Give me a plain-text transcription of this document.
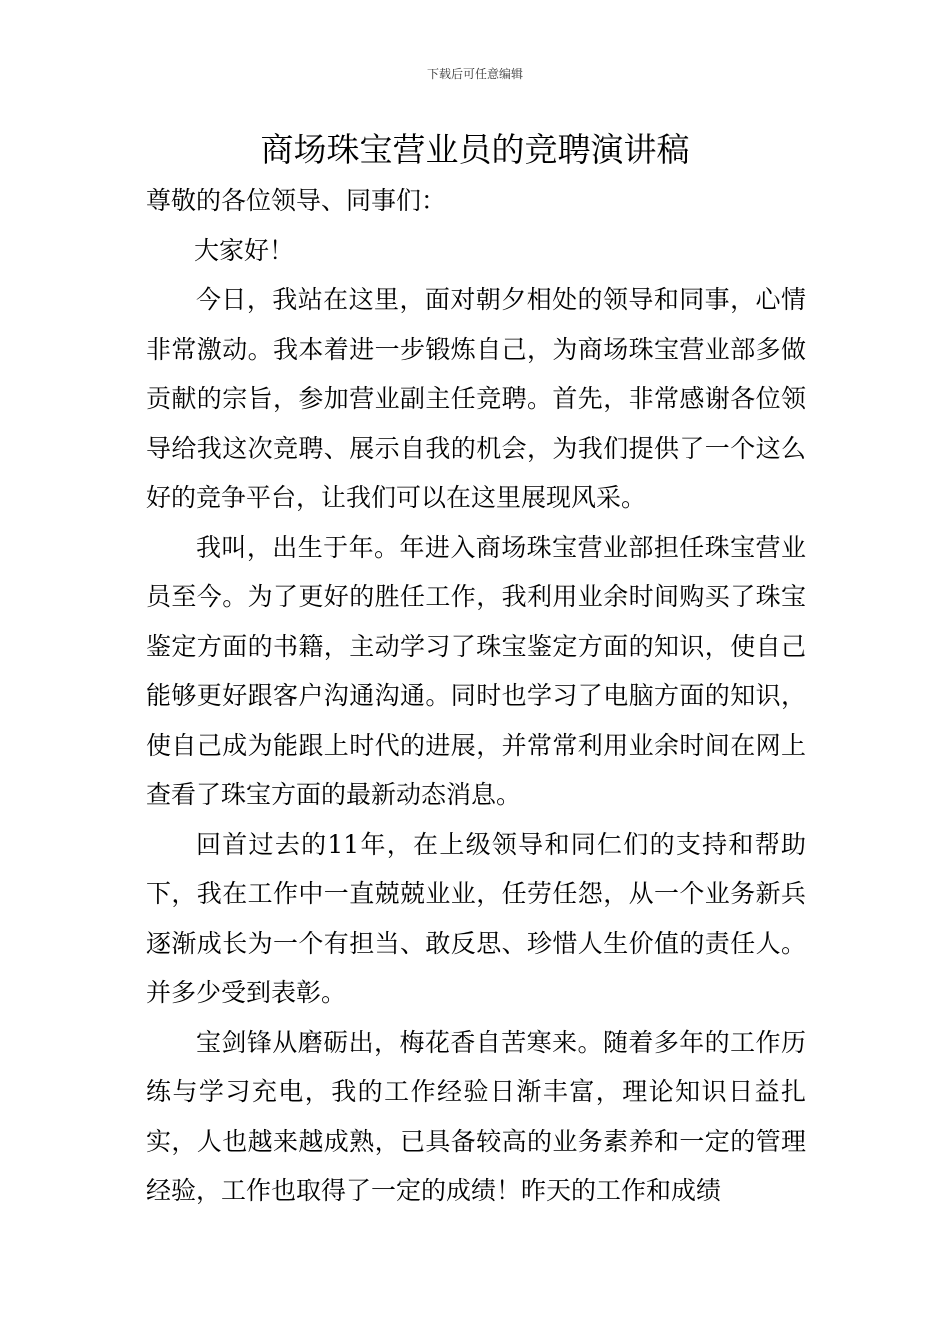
下载后可任意编辑
商场珠宝营业员的竞聘演讲稿

尊敬的各位领导、同事们：

大家好！

今日，我站在这里，面对朝夕相处的领导和同事，心情非常激动。我本着进一步锻炼自己，为商场珠宝营业部多做贡献的宗旨，参加营业副主任竞聘。首先，非常感谢各位领导给我这次竞聘、展示自我的机会，为我们提供了一个这么好的竞争平台，让我们可以在这里展现风采。

我叫，出生于年。年进入商场珠宝营业部担任珠宝营业员至今。为了更好的胜任工作，我利用业余时间购买了珠宝鉴定方面的书籍，主动学习了珠宝鉴定方面的知识，使自己能够更好跟客户沟通沟通。同时也学习了电脑方面的知识，使自己成为能跟上时代的进展，并常常利用业余时间在网上查看了珠宝方面的最新动态消息。

回首过去的11年，在上级领导和同仁们的支持和帮助下，我在工作中一直兢兢业业，任劳任怨，从一个业务新兵逐渐成长为一个有担当、敢反思、珍惜人生价值的责任人。并多少受到表彰。

宝剑锋从磨砺出，梅花香自苦寒来。随着多年的工作历练与学习充电，我的工作经验日渐丰富，理论知识日益扎实，人也越来越成熟，已具备较高的业务素养和一定的管理经验，工作也取得了一定的成绩！昨天的工作和成绩
